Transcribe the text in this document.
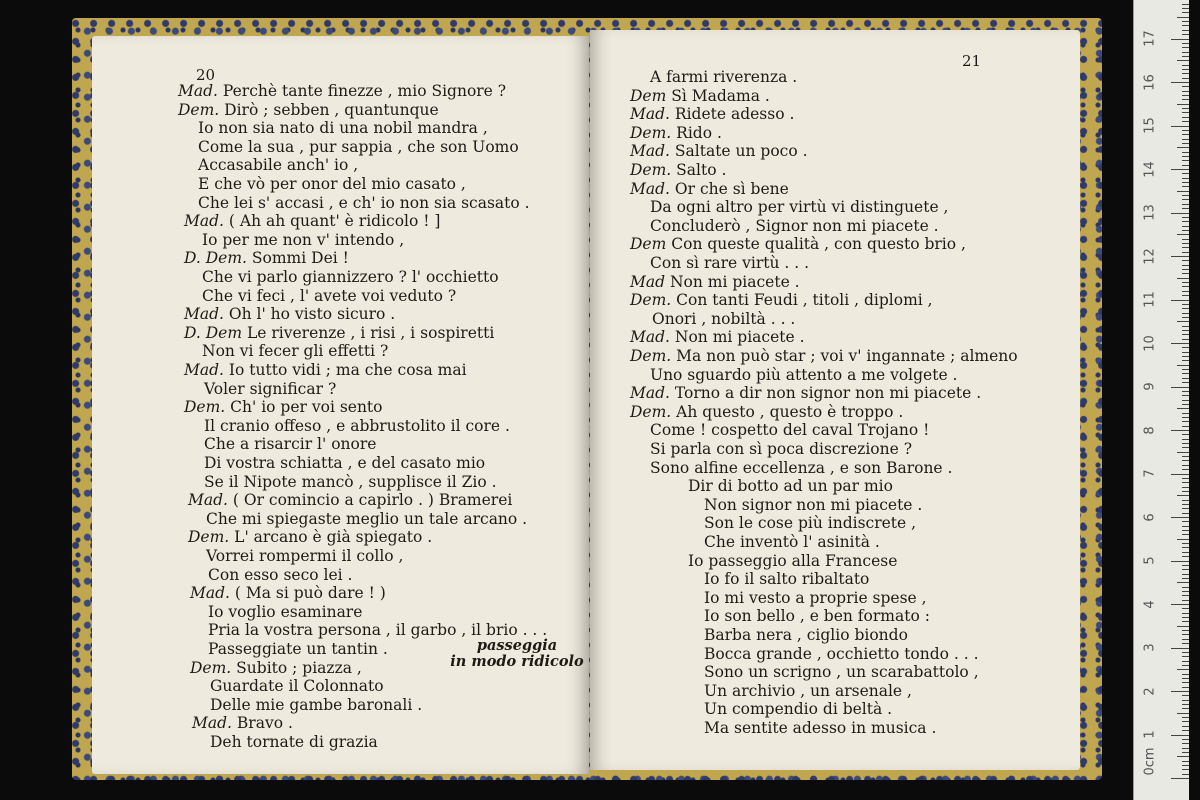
20
Mad. Perchè tante finezze , mio Signore ?
Dem. Dirò ; sebben , quantunque
Io non sia nato di una nobil mandra ,
Come la sua , pur sappia , che son Uomo
Accasabile anch' io ,
E che vò per onor del mio casato ,
Che lei s' accasi , e ch' io non sia scasato .
Mad. ( Ah ah quant' è ridicolo ! ]
Io per me non v' intendo ,
D. Dem. Sommi Dei !
Che vi parlo giannizzero ? l' occhietto
Che vi feci , l' avete voi veduto ?
Mad. Oh l' ho visto sicuro .
D. Dem Le riverenze , i risi , i sospiretti
Non vi fecer gli effetti ?
Mad. Io tutto vidi ; ma che cosa mai
Voler significar ?
Dem. Ch' io per voi sento
Il cranio offeso , e abbrustolito il core .
Che a risarcir l' onore
Di vostra schiatta , e del casato mio
Se il Nipote mancò , supplisce il Zio .
Mad. ( Or comincio a capirlo . ) Bramerei
Che mi spiegaste meglio un tale arcano .
Dem. L' arcano è già spiegato .
Vorrei rompermi il collo ,
Con esso seco lei .
Mad. ( Ma si può dare ! )
Io voglio esaminare
Pria la vostra persona , il garbo , il brio . . .
Passeggiate un tantin .
Dem. Subito ; piazza ,
Guardate il Colonnato
Delle mie gambe baronali .
Mad. Bravo .
Deh tornate di grazia
passeggia
in modo ridicolo
21
A farmi riverenza .
Dem Sì Madama .
Mad. Ridete adesso .
Dem. Rido .
Mad. Saltate un poco .
Dem. Salto .
Mad. Or che sì bene
Da ogni altro per virtù vi distinguete ,
Concluderò , Signor non mi piacete .
Dem Con queste qualità , con questo brio ,
Con sì rare virtù . . .
Mad Non mi piacete .
Dem. Con tanti Feudi , titoli , diplomi ,
Onori , nobiltà . . .
Mad. Non mi piacete .
Dem. Ma non può star ; voi v' ingannate ; almeno
Uno sguardo più attento a me volgete .
Mad. Torno a dir non signor non mi piacete .
Dem. Ah questo , questo è troppo .
Come ! cospetto del caval Trojano !
Si parla con sì poca discrezione ?
Sono alfine eccellenza , e son Barone .
Dir di botto ad un par mio
Non signor non mi piacete .
Son le cose più indiscrete ,
Che inventò l' asinità .
Io passeggio alla Francese
Io fo il salto ribaltato
Io mi vesto a proprie spese ,
Io son bello , e ben formato :
Barba nera , ciglio biondo
Bocca grande , occhietto tondo . . .
Sono un scrigno , un scarabattolo ,
Un archivio , un arsenale ,
Un compendio di beltà .
Ma sentite adesso in musica .
0cm
1
2
3
4
5
6
7
8
9
10
11
12
13
14
15
16
17
